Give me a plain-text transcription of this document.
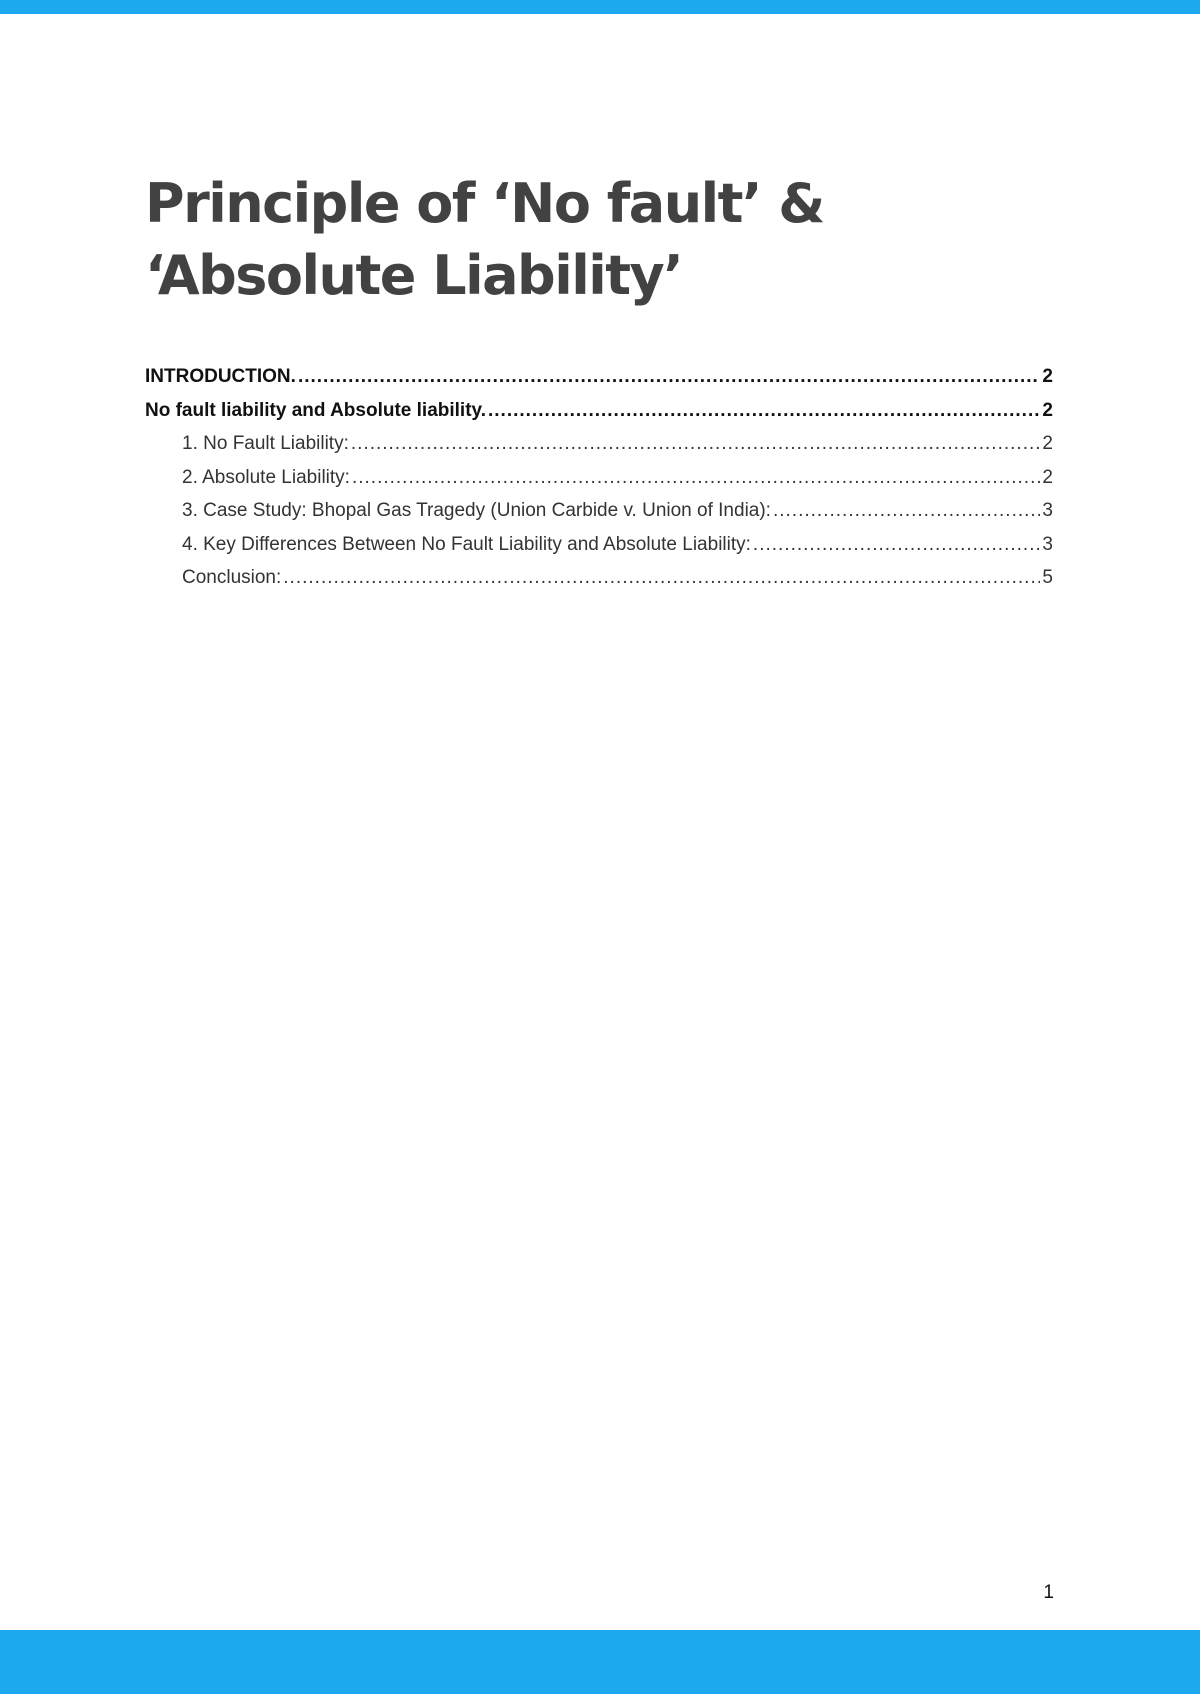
Principle of ‘No fault’ & ‘Absolute Liability’
INTRODUCTION. .....	2
No fault liability and Absolute liability. .....	2
1. No Fault Liability: .....	2
2. Absolute Liability: .....	2
3. Case Study: Bhopal Gas Tragedy (Union Carbide v. Union of India): .....	3
4. Key Differences Between No Fault Liability and Absolute Liability: .....	3
Conclusion: .....	5
1
